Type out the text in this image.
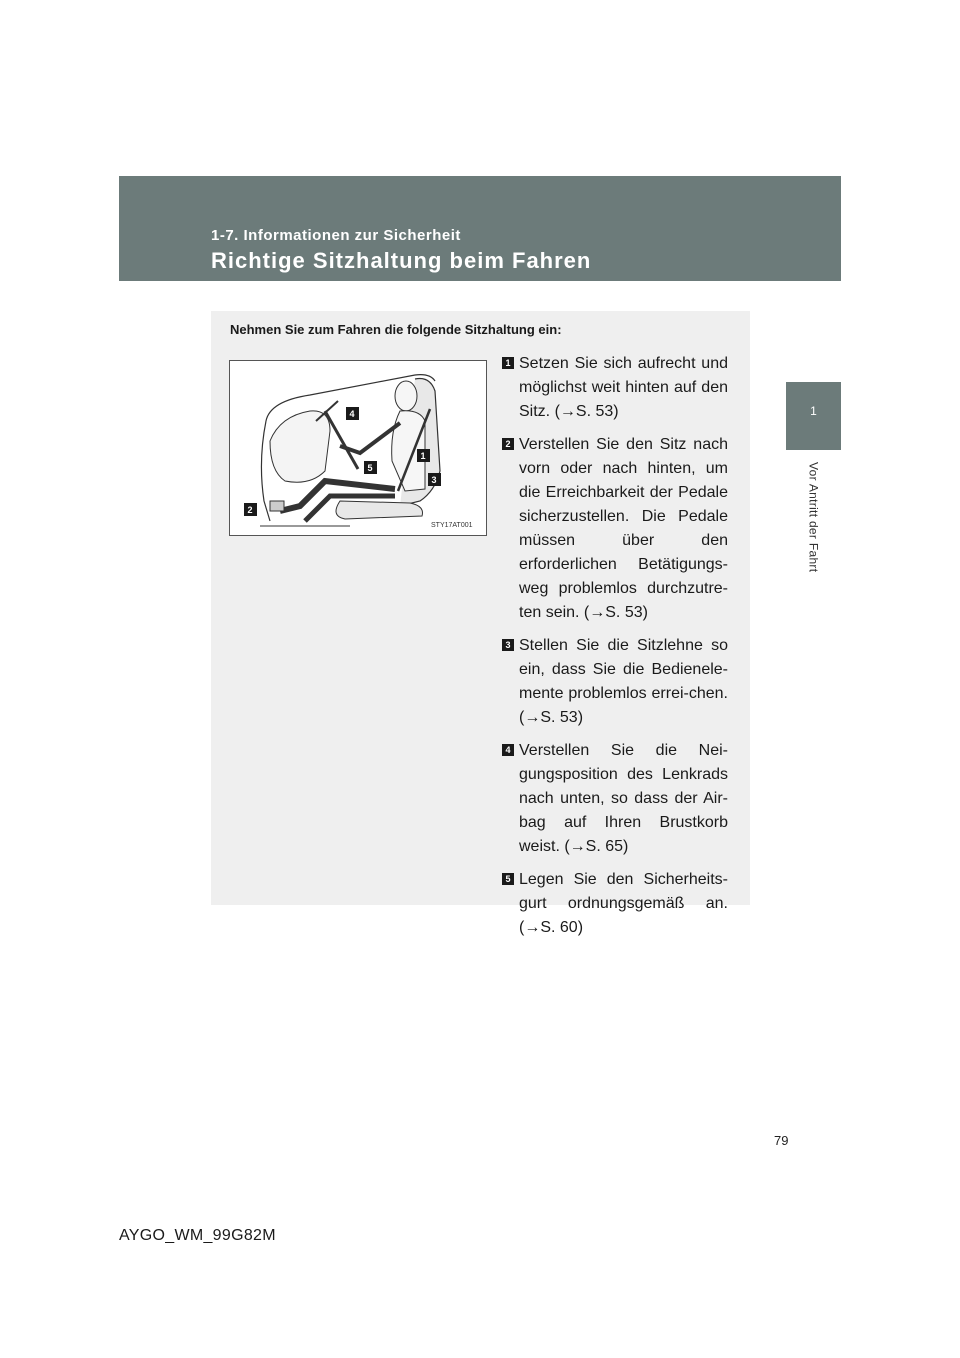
1-7. Informationen zur Sicherheit
Richtige Sitzhaltung beim Fahren
1
Vor Antritt der Fahrt
Nehmen Sie zum Fahren die folgende Sitzhaltung ein:
1
2
3
4
5
STY17AT001
1 Setzen Sie sich aufrecht und möglichst weit hinten auf den Sitz. (→S. 53)

2 Verstellen Sie den Sitz nach vorn oder nach hinten, um die Erreichbarkeit der Pedale sicherzustellen. Die Pedale müssen über den erforderlichen Betätigungs-weg problemlos durchzutre-ten sein. (→S. 53)

3 Stellen Sie die Sitzlehne so ein, dass Sie die Bedienele-mente problemlos errei-chen. (→S. 53)

4 Verstellen Sie die Nei-gungsposition des Lenkrads nach unten, so dass der Air-bag auf Ihren Brustkorb weist. (→S. 65)

5 Legen Sie den Sicherheits-gurt ordnungsgemäß an. (→S. 60)

79
AYGO_WM_99G82M
